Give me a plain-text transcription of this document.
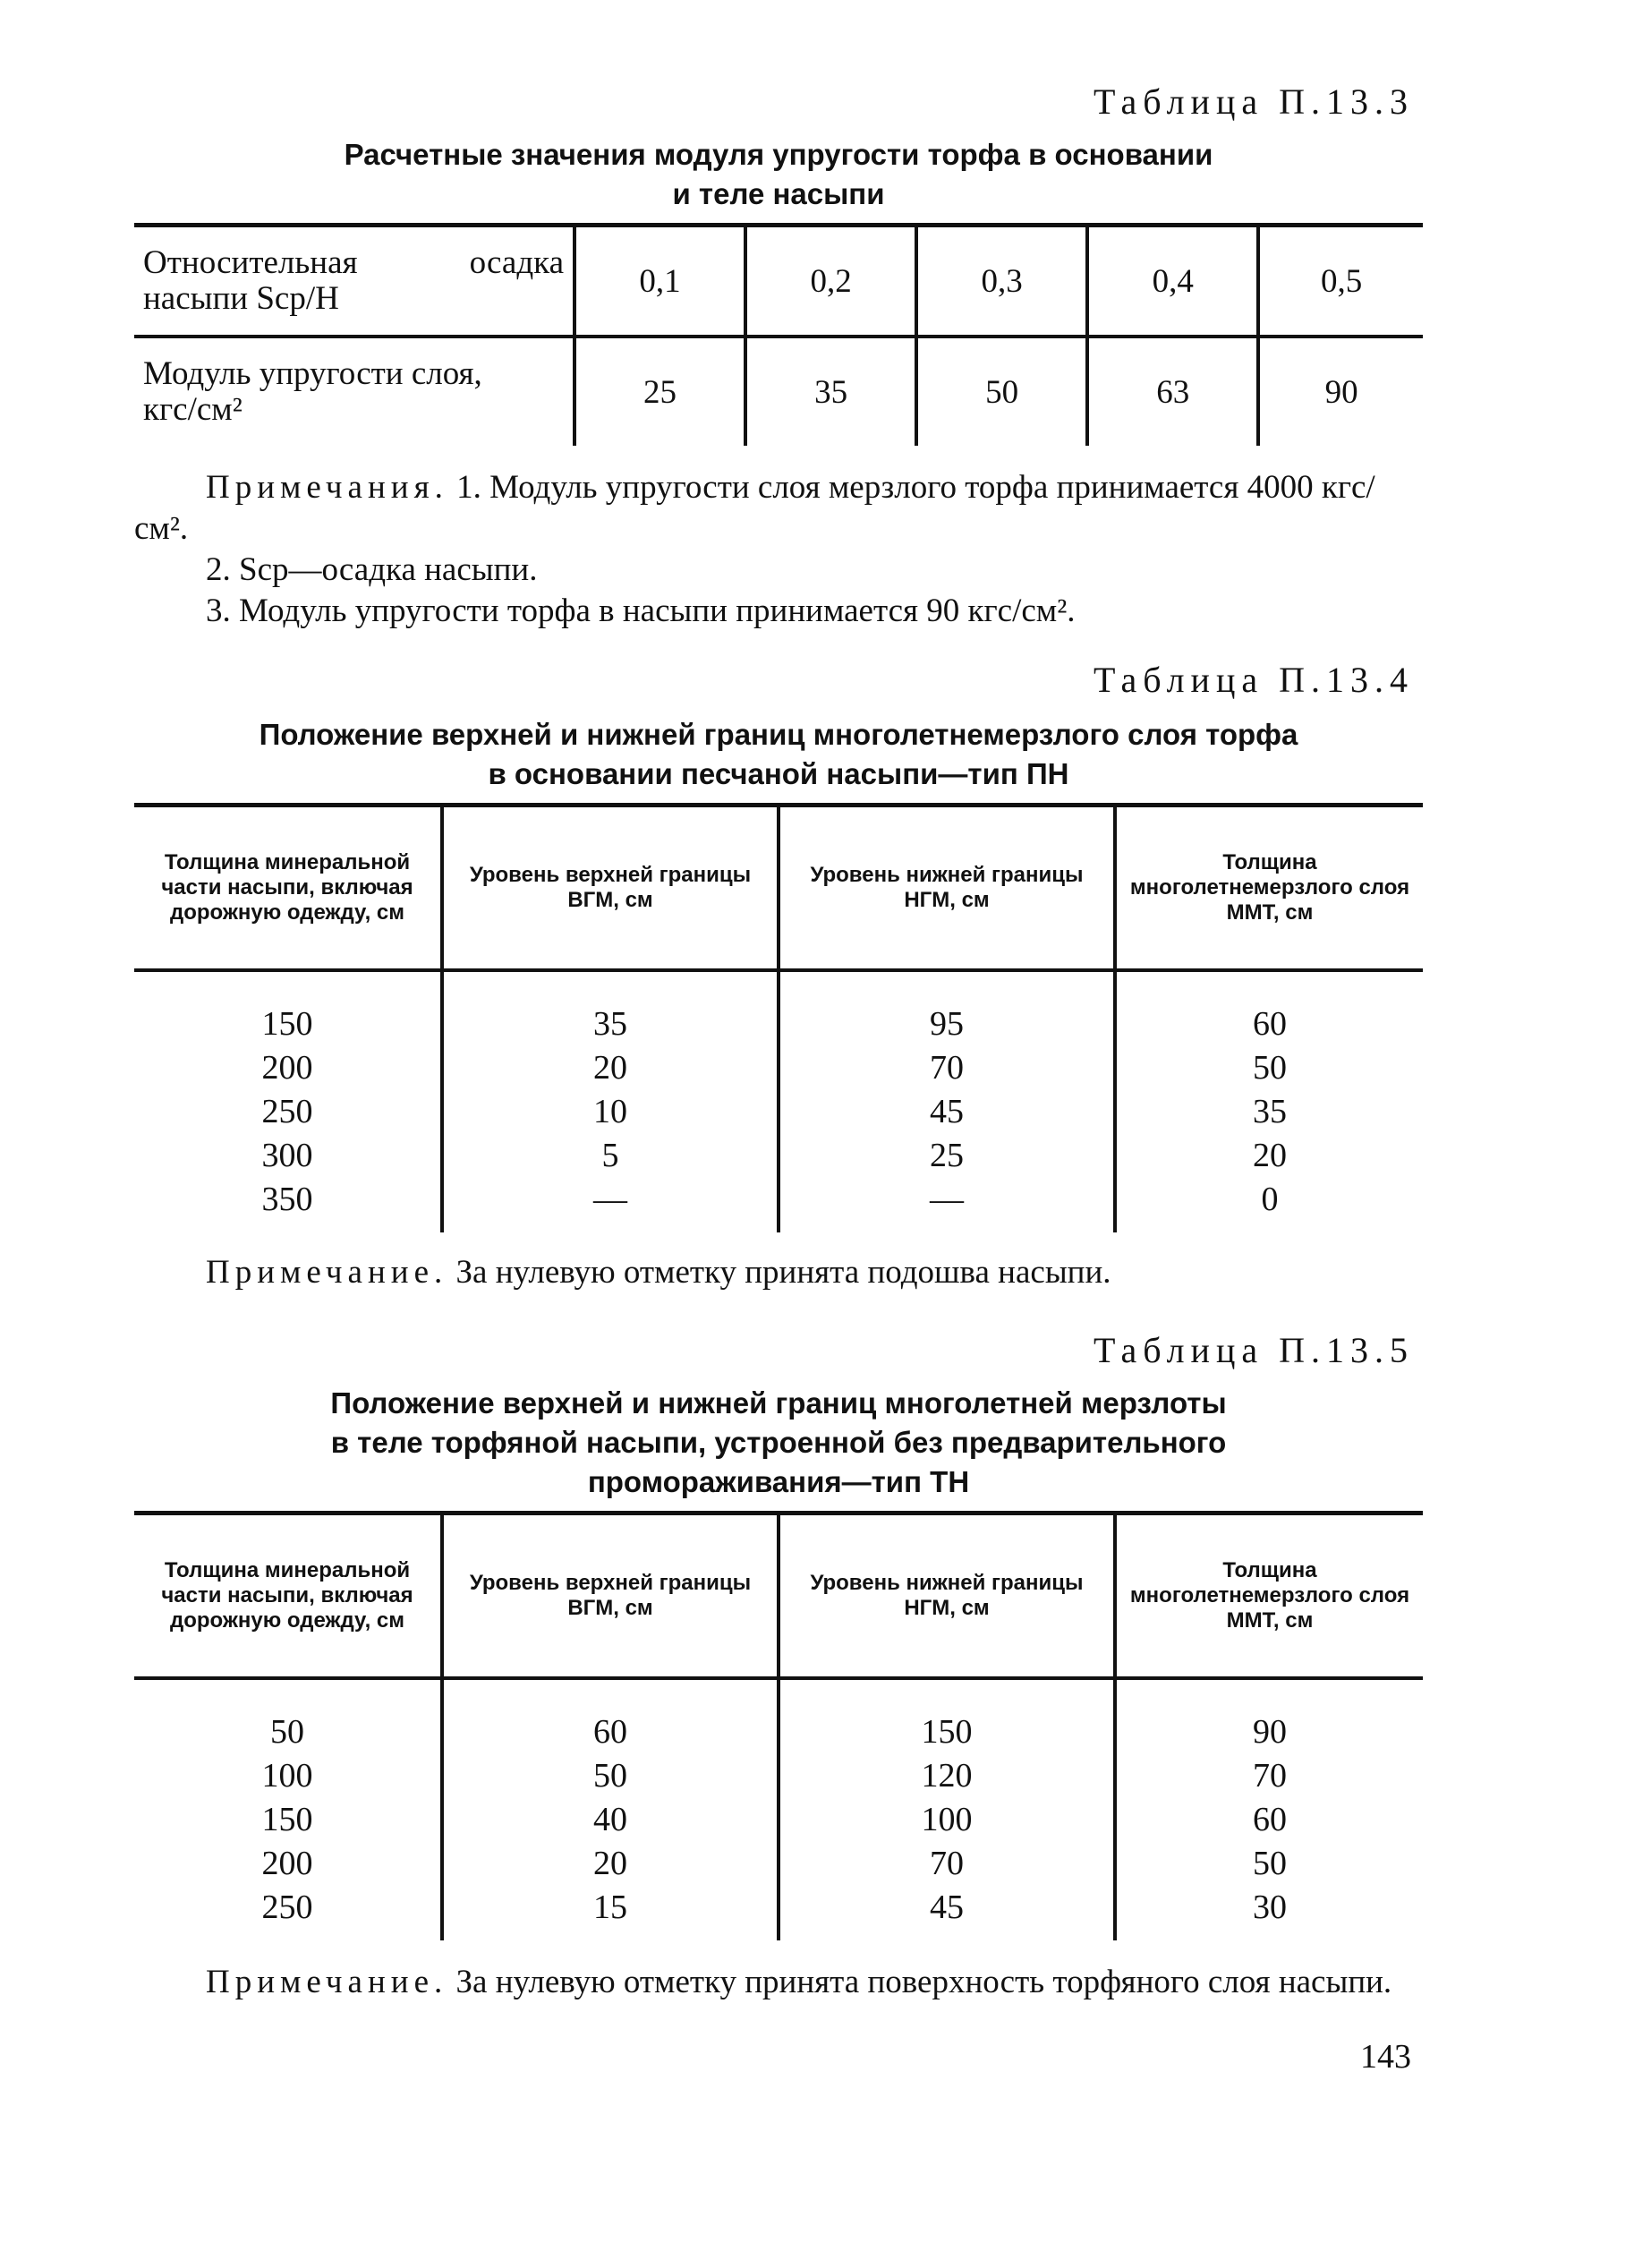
Таблица П.13.3
Расчетные значения модуля упругости торфа в основании
и теле насыпи
Относительная осадка
насыпи Sср/H	0,1	0,2	0,3	0,4	0,5

Модуль упругости слоя,
кгс/см²	25	35	50	63	90
Примечания. 1. Модуль упругости слоя мерзлого торфа принимается 4000 кгс/см².
2. Sср—осадка насыпи.
3. Модуль упругости торфа в насыпи принимается 90 кгс/см².
Таблица П.13.4
Положение верхней и нижней границ многолетнемерзлого слоя торфа
в основании песчаной насыпи—тип ПН
Толщина минеральной части насыпи, включая дорожную одежду, см	Уровень верхней границы ВГМ, см	Уровень нижней границы НГМ, см	Толщина многолетнемерзлого слоя ММТ, см
150	35	95	60
200	20	70	50
250	10	45	35
300	5	25	20
350	—	—	0
Примечание. За нулевую отметку принята подошва насыпи.
Таблица П.13.5
Положение верхней и нижней границ многолетней мерзлоты
в теле торфяной насыпи, устроенной без предварительного
промораживания—тип ТН
Толщина минеральной части насыпи, включая дорожную одежду, см	Уровень верхней границы ВГМ, см	Уровень нижней границы НГМ, см	Толщина многолетнемерзлого слоя ММТ, см
50	60	150	90
100	50	120	70
150	40	100	60
200	20	70	50
250	15	45	30
Примечание. За нулевую отметку принята поверхность торфяного слоя насыпи.
143
